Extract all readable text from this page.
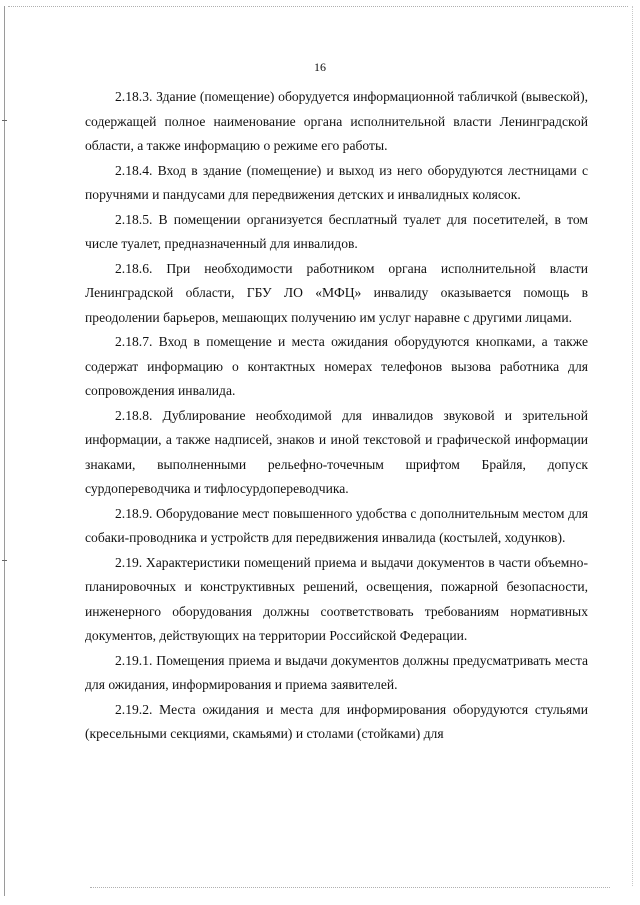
16

2.18.3. Здание (помещение) оборудуется информационной табличкой (вывеской), содержащей полное наименование органа исполнительной власти Ленинградской области, а также информацию о режиме его работы.

2.18.4. Вход в здание (помещение) и выход из него оборудуются лестницами с поручнями и пандусами для передвижения детских и инвалидных колясок.

2.18.5. В помещении организуется бесплатный туалет для посетителей, в том числе туалет, предназначенный для инвалидов.

2.18.6. При необходимости работником органа исполнительной власти Ленинградской области, ГБУ ЛО «МФЦ» инвалиду оказывается помощь в преодолении барьеров, мешающих получению им услуг наравне с другими лицами.

2.18.7. Вход в помещение и места ожидания оборудуются кнопками, а также содержат информацию о контактных номерах телефонов вызова работника для сопровождения инвалида.

2.18.8. Дублирование необходимой для инвалидов звуковой и зрительной информации, а также надписей, знаков и иной текстовой и графической информации знаками, выполненными рельефно-точечным шрифтом Брайля, допуск сурдопереводчика и тифлосурдопереводчика.

2.18.9. Оборудование мест повышенного удобства с дополнительным местом для собаки-проводника и устройств для передвижения инвалида (костылей, ходунков).

2.19. Характеристики помещений приема и выдачи документов в части объемно-планировочных и конструктивных решений, освещения, пожарной безопасности, инженерного оборудования должны соответствовать требованиям нормативных документов, действующих на территории Российской Федерации.

2.19.1. Помещения приема и выдачи документов должны предусматривать места для ожидания, информирования и приема заявителей.

2.19.2. Места ожидания и места для информирования оборудуются стульями (кресельными секциями, скамьями) и столами (стойками) для
